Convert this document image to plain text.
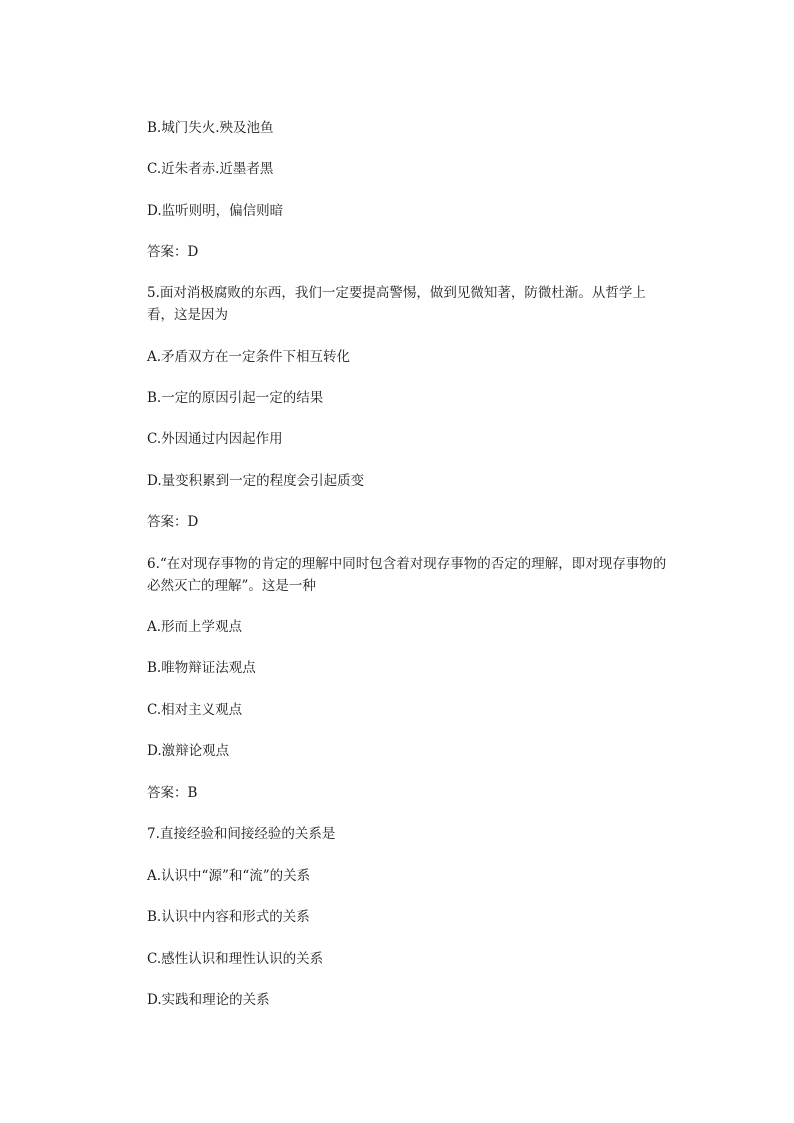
B.城门失火.殃及池鱼
C.近朱者赤.近墨者黑
D.监听则明，偏信则暗
答案：D
5.面对消极腐败的东西，我们一定要提高警惕，做到见微知著，防微杜渐。从哲学上看，这是因为
A.矛盾双方在一定条件下相互转化
B.一定的原因引起一定的结果
C.外因通过内因起作用
D.量变积累到一定的程度会引起质变
答案：D
6.“在对现存事物的肯定的理解中同时包含着对现存事物的否定的理解，即对现存事物的必然灭亡的理解”。这是一种
A.形而上学观点
B.唯物辩证法观点
C.相对主义观点
D.激辩论观点
答案：B
7.直接经验和间接经验的关系是
A.认识中“源”和“流”的关系
B.认识中内容和形式的关系
C.感性认识和理性认识的关系
D.实践和理论的关系
